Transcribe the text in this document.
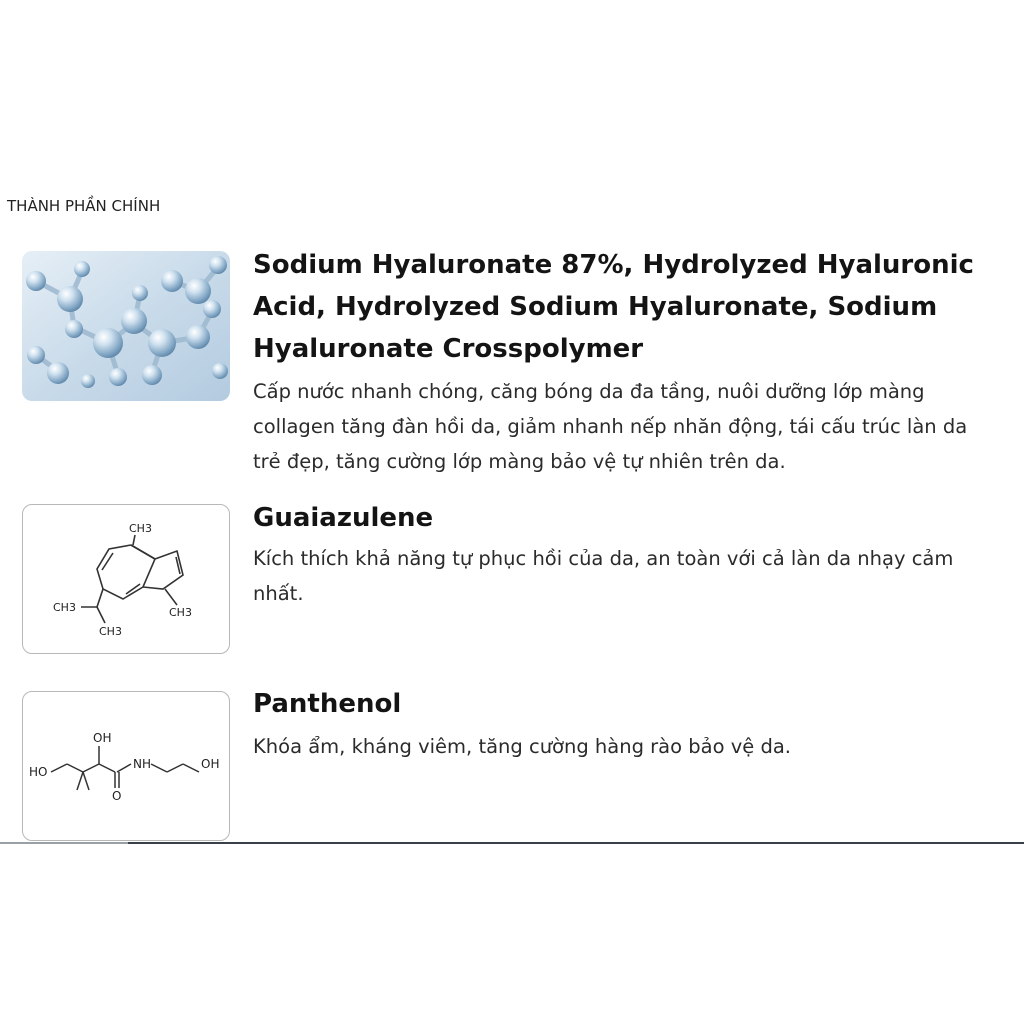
THÀNH PHẦN CHÍNH
Sodium Hyaluronate 87%, Hydrolyzed Hyaluronic Acid, Hydrolyzed Sodium Hyaluronate, Sodium Hyaluronate Crosspolymer
Cấp nước nhanh chóng, căng bóng da đa tầng, nuôi dưỡng lớp màng collagen tăng đàn hồi da, giảm nhanh nếp nhăn động, tái cấu trúc làn da trẻ đẹp, tăng cường lớp màng bảo vệ tự nhiên trên da.
CH3
CH3
CH3
CH3
Guaiazulene
Kích thích khả năng tự phục hồi của da, an toàn với cả làn da nhạy cảm nhất.
OH
HO
N H	OH
O
Panthenol
Khóa ẩm, kháng viêm, tăng cường hàng rào bảo vệ da.
